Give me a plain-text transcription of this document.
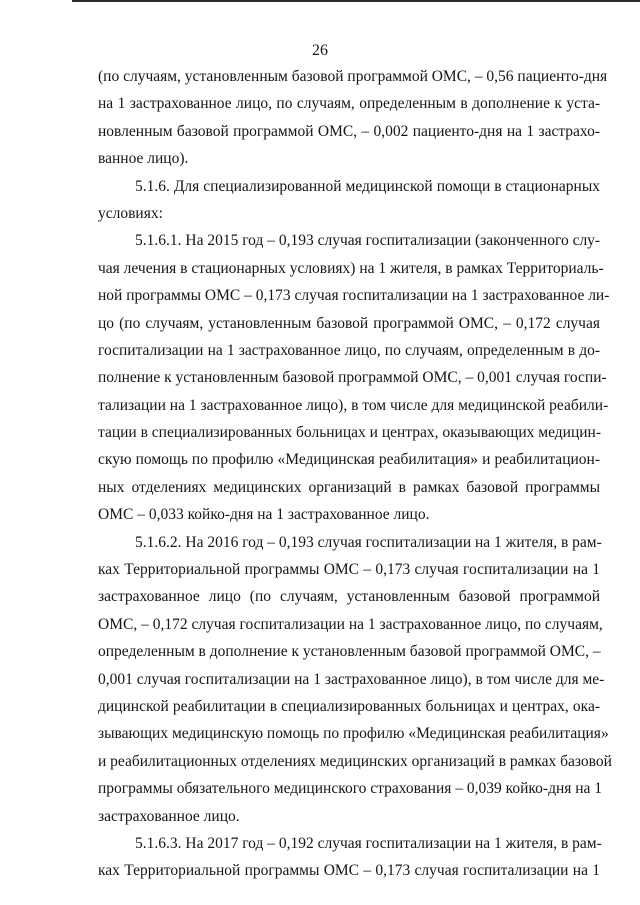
26
(по случаям, установленным базовой программой ОМС, – 0,56 пациенто-дня
на 1 застрахованное лицо, по случаям, определенным в дополнение к уста-
новленным базовой программой ОМС, – 0,002 пациенто-дня на 1 застрахо-
ванное лицо).
5.1.6. Для специализированной медицинской помощи в стационарных
условиях:
5.1.6.1. На 2015 год – 0,193 случая госпитализации (законченного слу-
чая лечения в стационарных условиях) на 1 жителя, в рамках Территориаль-
ной программы ОМС – 0,173 случая госпитализации на 1 застрахованное ли-
цо (по случаям, установленным базовой программой ОМС, – 0,172 случая
госпитализации на 1 застрахованное лицо, по случаям, определенным в до-
полнение к установленным базовой программой ОМС, – 0,001 случая госпи-
тализации на 1 застрахованное лицо), в том числе для медицинской реабили-
тации в специализированных больницах и центрах, оказывающих медицин-
скую помощь по профилю «Медицинская реабилитация» и реабилитацион-
ных отделениях медицинских организаций в рамках базовой программы
ОМС – 0,033 койко-дня на 1 застрахованное лицо.
5.1.6.2. На 2016 год – 0,193 случая госпитализации на 1 жителя, в рам-
ках Территориальной программы ОМС – 0,173 случая госпитализации на 1
застрахованное лицо (по случаям, установленным базовой программой
ОМС, – 0,172 случая госпитализации на 1 застрахованное лицо, по случаям,
определенным в дополнение к установленным базовой программой ОМС, –
0,001 случая госпитализации на 1 застрахованное лицо), в том числе для ме-
дицинской реабилитации в специализированных больницах и центрах, ока-
зывающих медицинскую помощь по профилю «Медицинская реабилитация»
и реабилитационных отделениях медицинских организаций в рамках базовой
программы обязательного медицинского страхования – 0,039 койко-дня на 1
застрахованное лицо.
5.1.6.3. На 2017 год – 0,192 случая госпитализации на 1 жителя, в рам-
ках Территориальной программы ОМС – 0,173 случая госпитализации на 1
